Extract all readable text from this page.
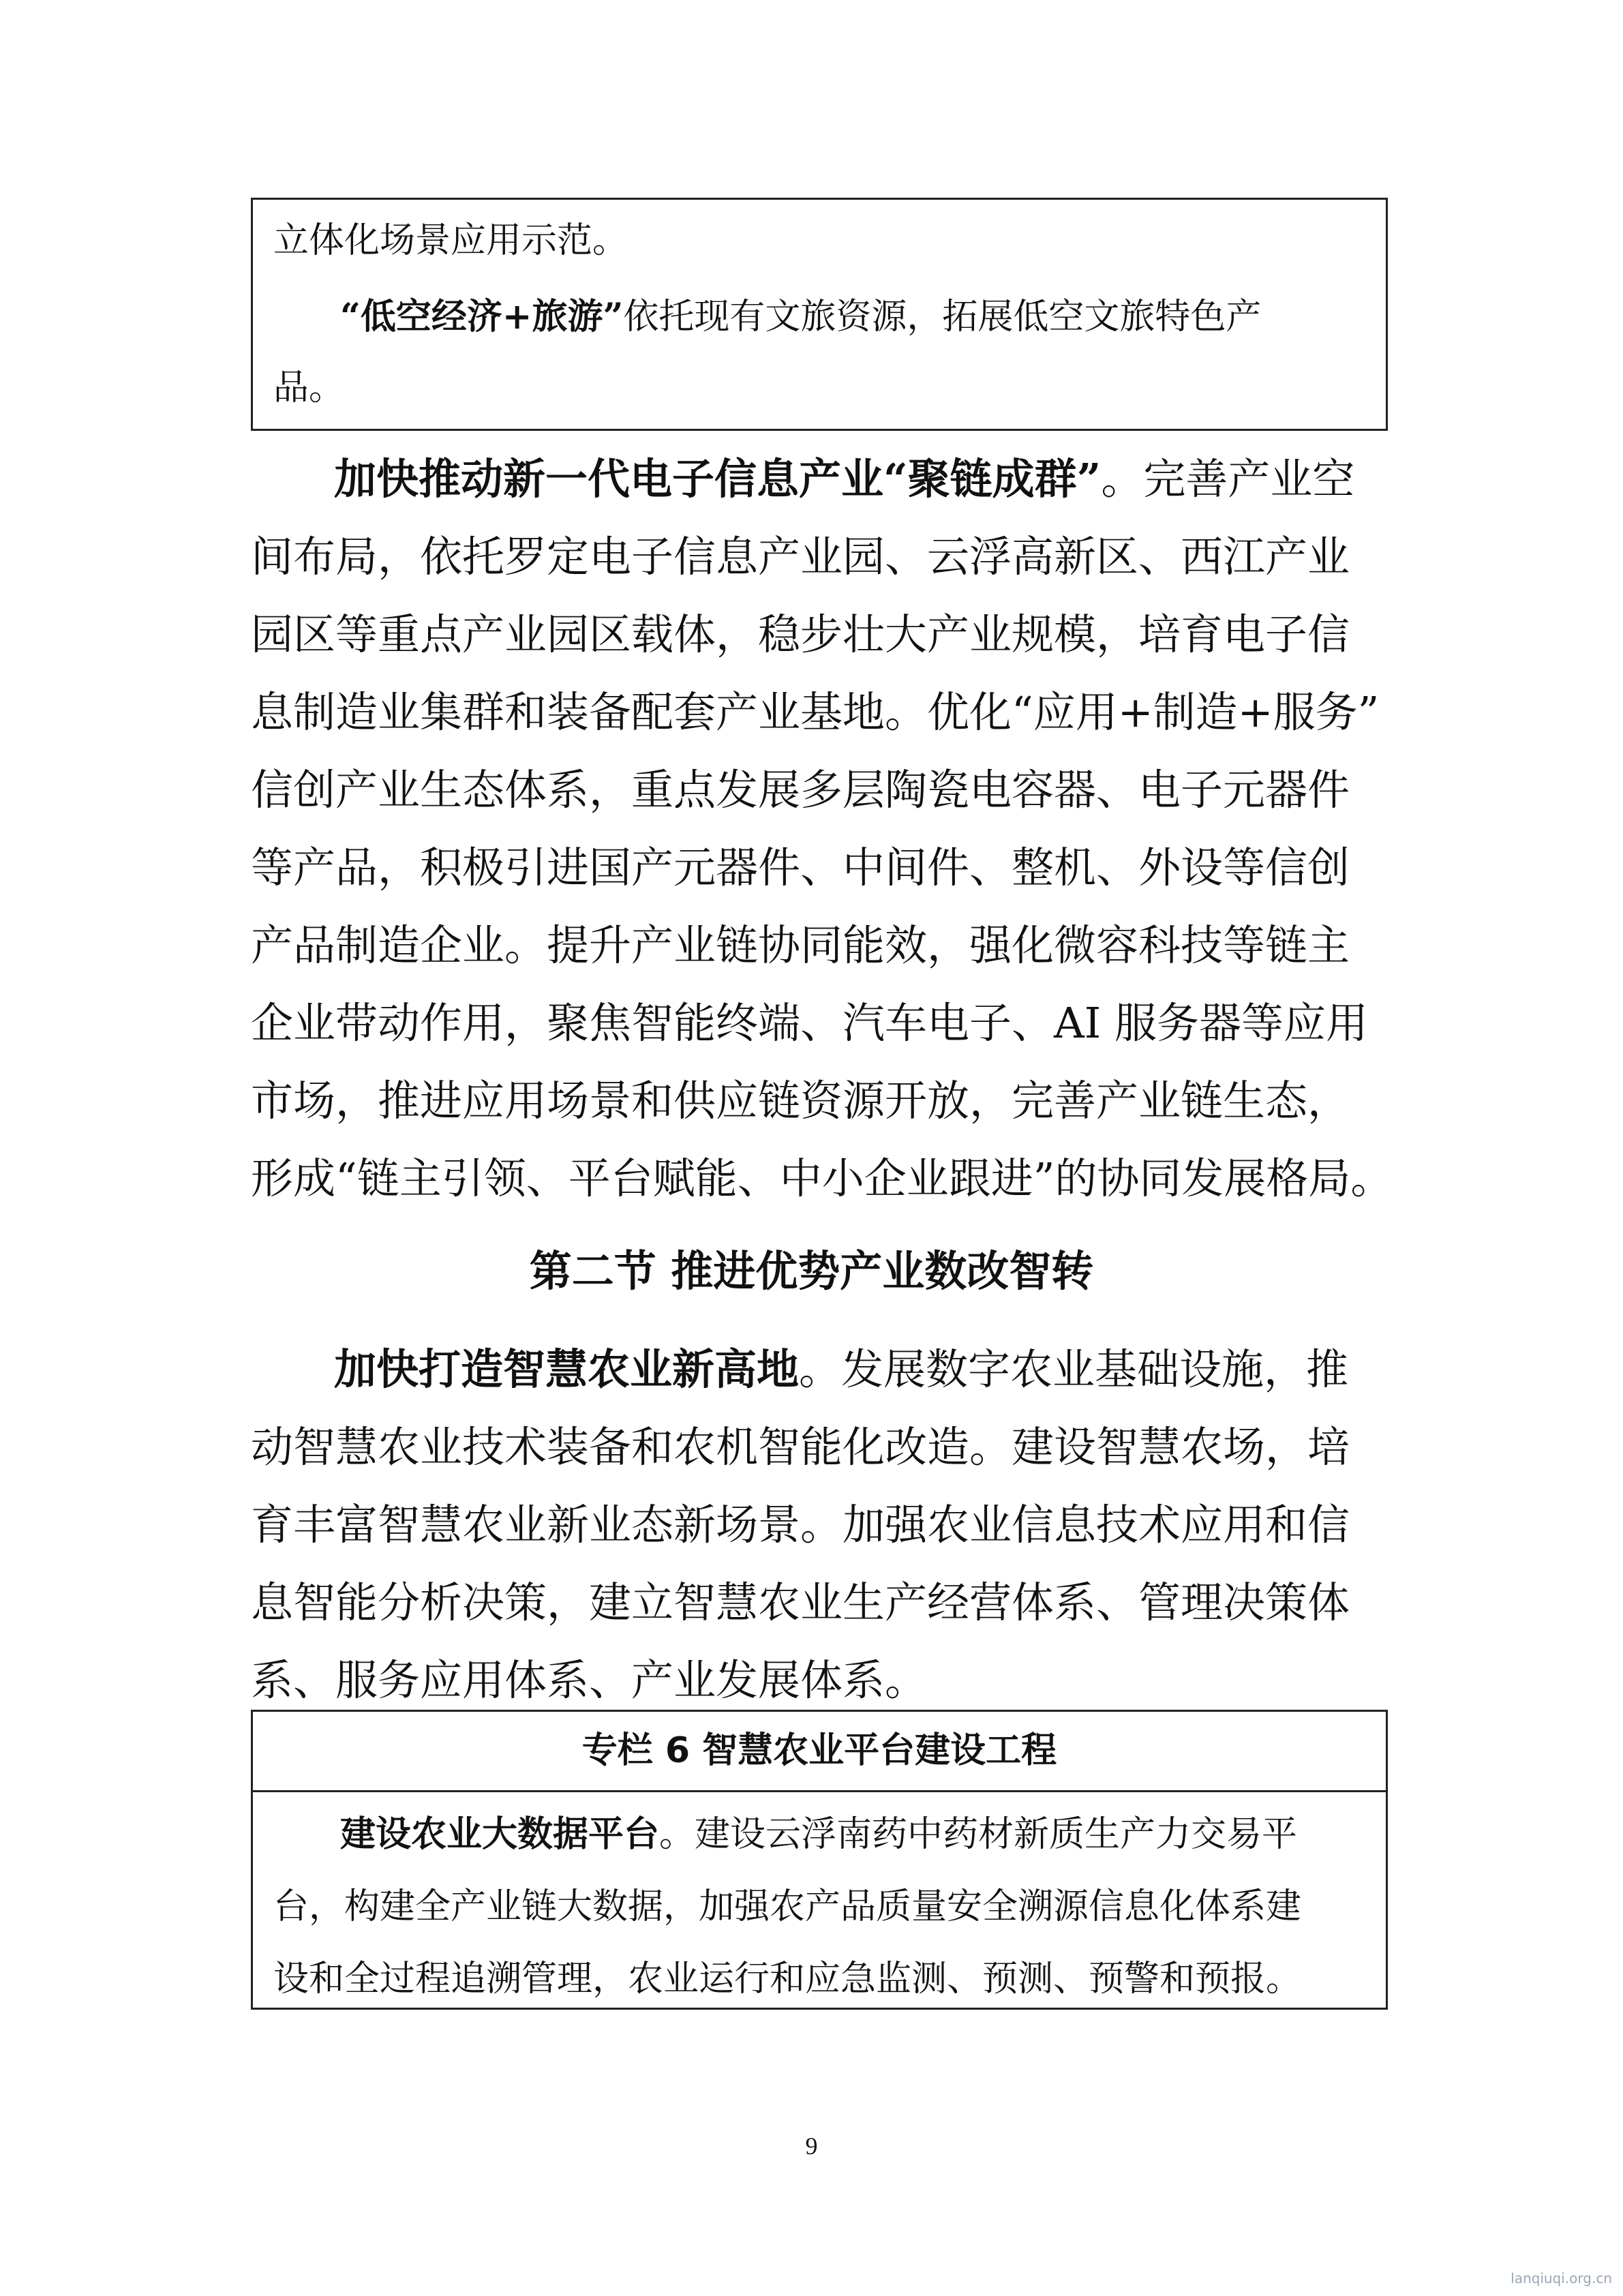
立体化场景应用示范。
“低空经济+旅游”依托现有文旅资源，拓展低空文旅特色产
品。
加快推动新一代电子信息产业“聚链成群”。完善产业空
间布局，依托罗定电子信息产业园、云浮高新区、西江产业
园区等重点产业园区载体，稳步壮大产业规模，培育电子信
息制造业集群和装备配套产业基地。优化“应用+制造+服务”
信创产业生态体系，重点发展多层陶瓷电容器、电子元器件
等产品，积极引进国产元器件、中间件、整机、外设等信创
产品制造企业。提升产业链协同能效，强化微容科技等链主
企业带动作用，聚焦智能终端、汽车电子、AI 服务器等应用
市场，推进应用场景和供应链资源开放，完善产业链生态，
形成“链主引领、平台赋能、中小企业跟进”的协同发展格局。
第二节 推进优势产业数改智转
加快打造智慧农业新高地。发展数字农业基础设施，推
动智慧农业技术装备和农机智能化改造。建设智慧农场，培
育丰富智慧农业新业态新场景。加强农业信息技术应用和信
息智能分析决策，建立智慧农业生产经营体系、管理决策体
系、服务应用体系、产业发展体系。
专栏 6 智慧农业平台建设工程
建设农业大数据平台。建设云浮南药中药材新质生产力交易平
台，构建全产业链大数据，加强农产品质量安全溯源信息化体系建
设和全过程追溯管理，农业运行和应急监测、预测、预警和预报。
9
lanqiuqi.org.cn
